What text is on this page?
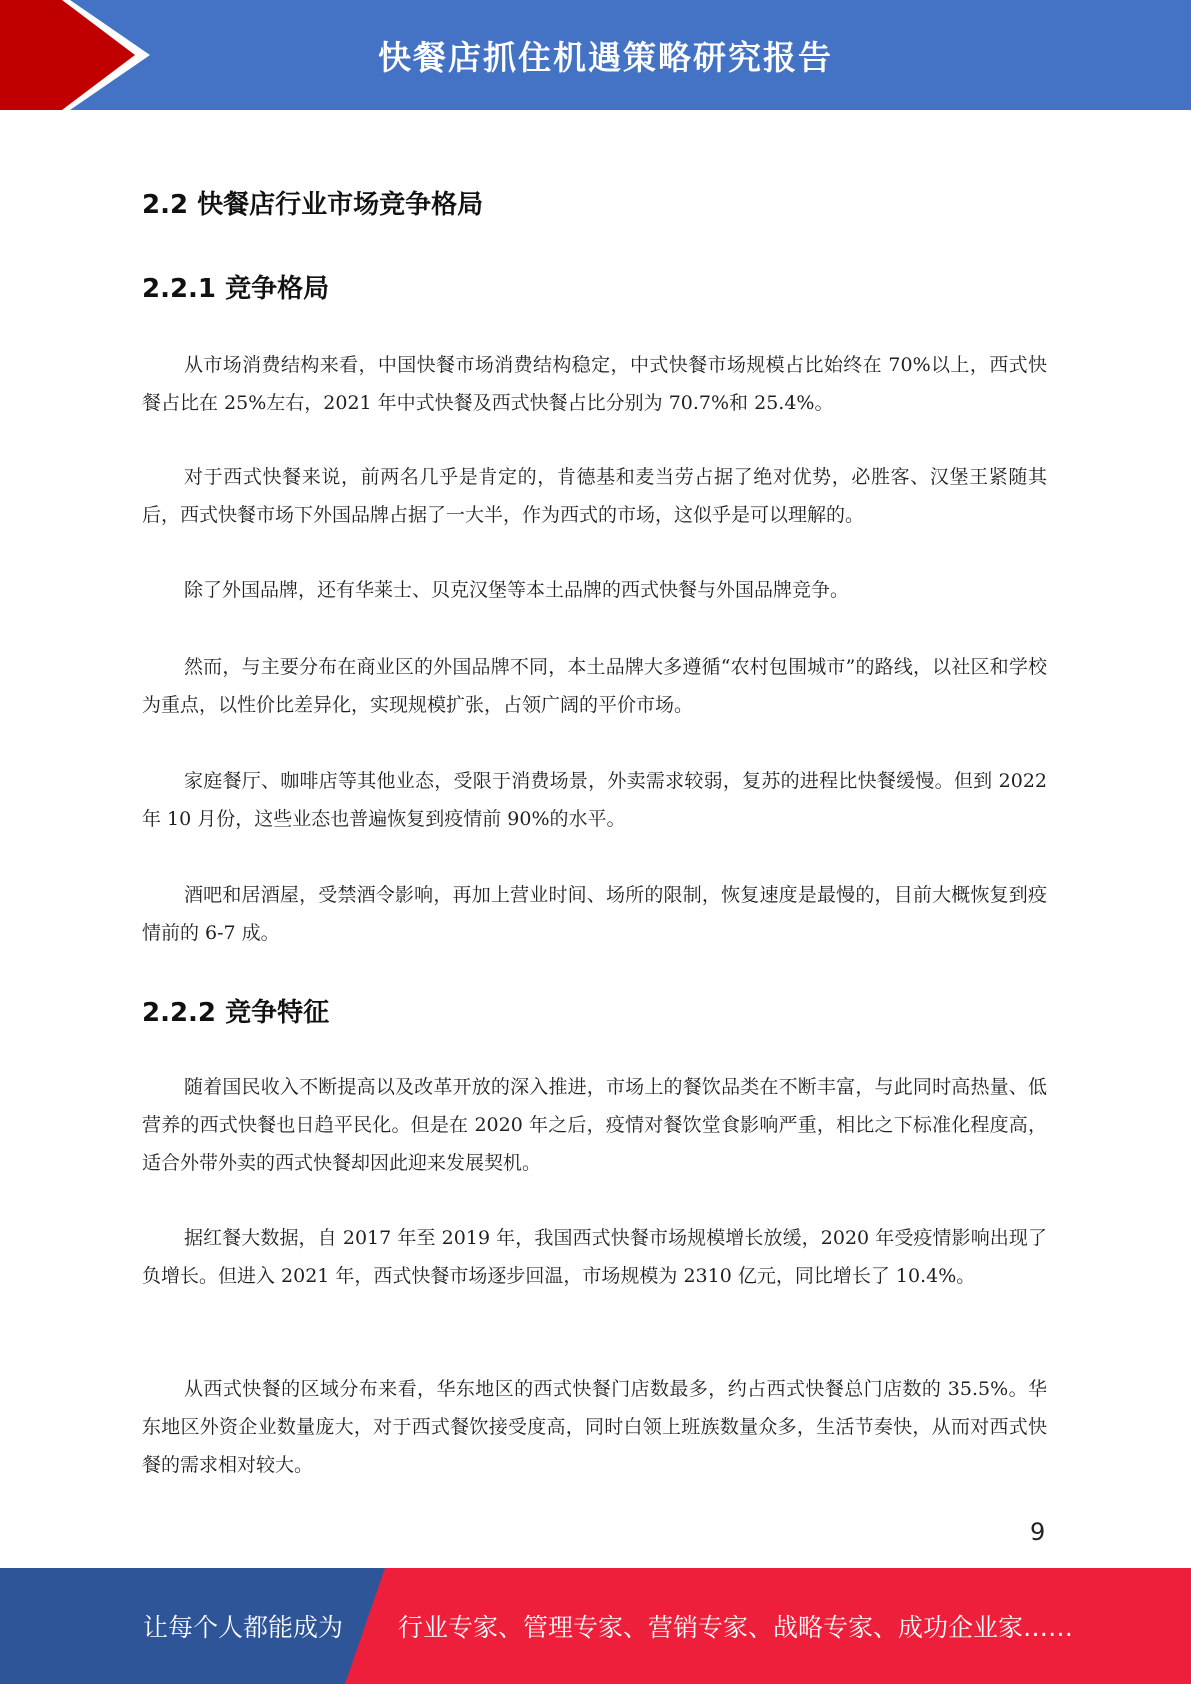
快餐店抓住机遇策略研究报告
2.2 快餐店行业市场竞争格局
2.2.1 竞争格局

从市场消费结构来看，中国快餐市场消费结构稳定，中式快餐市场规模占比始终在 70%以上，西式快餐占比在 25%左右，2021 年中式快餐及西式快餐占比分别为 70.7%和 25.4%。

对于西式快餐来说，前两名几乎是肯定的，肯德基和麦当劳占据了绝对优势，必胜客、汉堡王紧随其后，西式快餐市场下外国品牌占据了一大半，作为西式的市场，这似乎是可以理解的。

除了外国品牌，还有华莱士、贝克汉堡等本土品牌的西式快餐与外国品牌竞争。

然而，与主要分布在商业区的外国品牌不同，本土品牌大多遵循“农村包围城市”的路线，以社区和学校为重点，以性价比差异化，实现规模扩张，占领广阔的平价市场。

家庭餐厅、咖啡店等其他业态，受限于消费场景，外卖需求较弱，复苏的进程比快餐缓慢。但到 2022 年 10 月份，这些业态也普遍恢复到疫情前 90%的水平。

酒吧和居酒屋，受禁酒令影响，再加上营业时间、场所的限制，恢复速度是最慢的，目前大概恢复到疫情前的 6-7 成。

2.2.2 竞争特征

随着国民收入不断提高以及改革开放的深入推进，市场上的餐饮品类在不断丰富，与此同时高热量、低营养的西式快餐也日趋平民化。但是在 2020 年之后，疫情对餐饮堂食影响严重，相比之下标准化程度高，适合外带外卖的西式快餐却因此迎来发展契机。

据红餐大数据，自 2017 年至 2019 年，我国西式快餐市场规模增长放缓，2020 年受疫情影响出现了负增长。但进入 2021 年，西式快餐市场逐步回温，市场规模为 2310 亿元，同比增长了 10.4%。

从西式快餐的区域分布来看，华东地区的西式快餐门店数最多，约占西式快餐总门店数的 35.5%。华东地区外资企业数量庞大，对于西式餐饮接受度高，同时白领上班族数量众多，生活节奏快，从而对西式快餐的需求相对较大。

9
让每个人都能成为 行业专家、管理专家、营销专家、战略专家、成功企业家……
